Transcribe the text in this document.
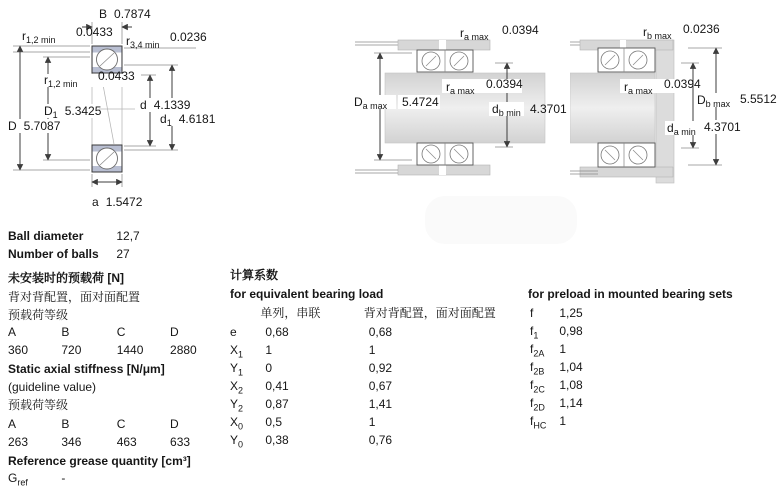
B 0.7874
$r_{1,2 min}$
0.0433
$r_{3,4 min}$
0.0236
$r_{1,2 min}$
0.0433
$D_1$ 5.3425
D 5.7087
d 4.1339
$d_1$ 4.6181
a 1.5472
$r_{a max}$ 0.0394
$r_{a max}$ 0.0394
$D_{a max}$ 5.4724	$d_{b min}$ 4.3701
$r_{b max}$ 0.0236
$r_{a max}$ 0.0394
$D_{b max}$ 5.5512
$d_{a min}$ 4.3701
Ball diameter	12,7
Number of balls 27
未安装时的预载荷 [N]
背对背配置，面对面配置
预载荷等级
A	B	C	D
360	720	1440 2880
Static axial stiffness [N/μm]
(guideline value)
预载荷等级
A	B	C	D
263	346	463	633
Reference grease quantity [cm³]
$G_{ref}$	-
计算系数
for equivalent bearing load
单列，串联	背对背配置，面对面配置
e 0,68	0,68
$X_1$ 1	1
$Y_1$ 0	0,92
$X_2$ 0,41	0,67
$Y_2$ 0,87	1,41
$X_0$ 0,5	1
$Y_0$ 0,38	0,76
for preload in mounted bearing sets
f 1,25
$f_1$ 0,98
$f_{2A}$ 1
$f_{2B}$ 1,04
$f_{2C}$ 1,08
$f_{2D}$ 1,14
$f_{HC}$ 1
